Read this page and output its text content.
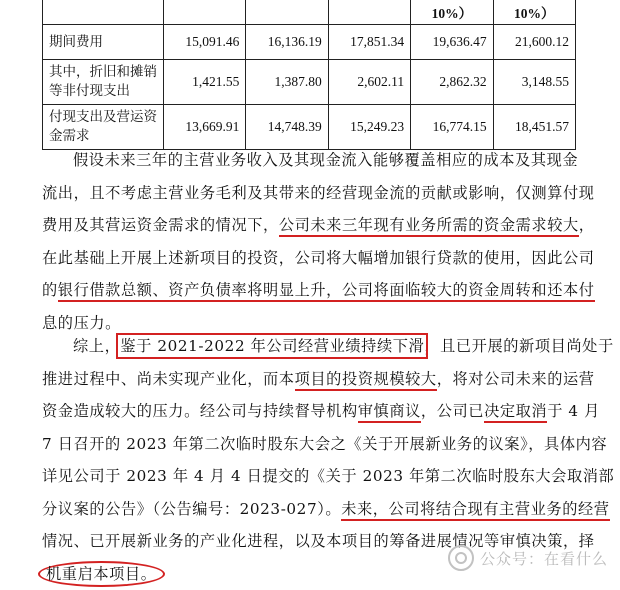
				10%）	10%）
期间费用	15,091.46	16,136.19	17,851.34	19,636.47	21,600.12
其中，折旧和摊销等非付现支出	1,421.55	1,387.80	2,602.11	2,862.32	3,148.55
付现支出及营运资金需求	13,669.91	14,748.39	15,249.23	16,774.15	18,451.57
假设未来三年的主营业务收入及其现金流入能够覆盖相应的成本及其现金
流出，且不考虑主营业务毛利及其带来的经营现金流的贡献或影响，仅测算付现
费用及其营运资金需求的情况下，公司未来三年现有业务所需的资金需求较大，
在此基础上开展上述新项目的投资，公司将大幅增加银行贷款的使用，因此公司
的银行借款总额、资产负债率将明显上升，公司将面临较大的资金周转和还本付
息的压力。
综上，鉴于 2021-2022 年公司经营业绩持续下滑，且已开展的新项目尚处于
推进过程中、尚未实现产业化，而本项目的投资规模较大，将对公司未来的运营
资金造成较大的压力。经公司与持续督导机构审慎商议，公司已决定取消于 4 月
7 日召开的 2023 年第二次临时股东大会之《关于开展新业务的议案》，具体内容
详见公司于 2023 年 4 月 4 日提交的《关于 2023 年第二次临时股东大会取消部
分议案的公告》（公告编号：2023-027）。未来，公司将结合现有主营业务的经营
情况、已开展新业务的产业化进程，以及本项目的筹备进展情况等审慎决策，择
机重启本项目。
公众号：在看什么
